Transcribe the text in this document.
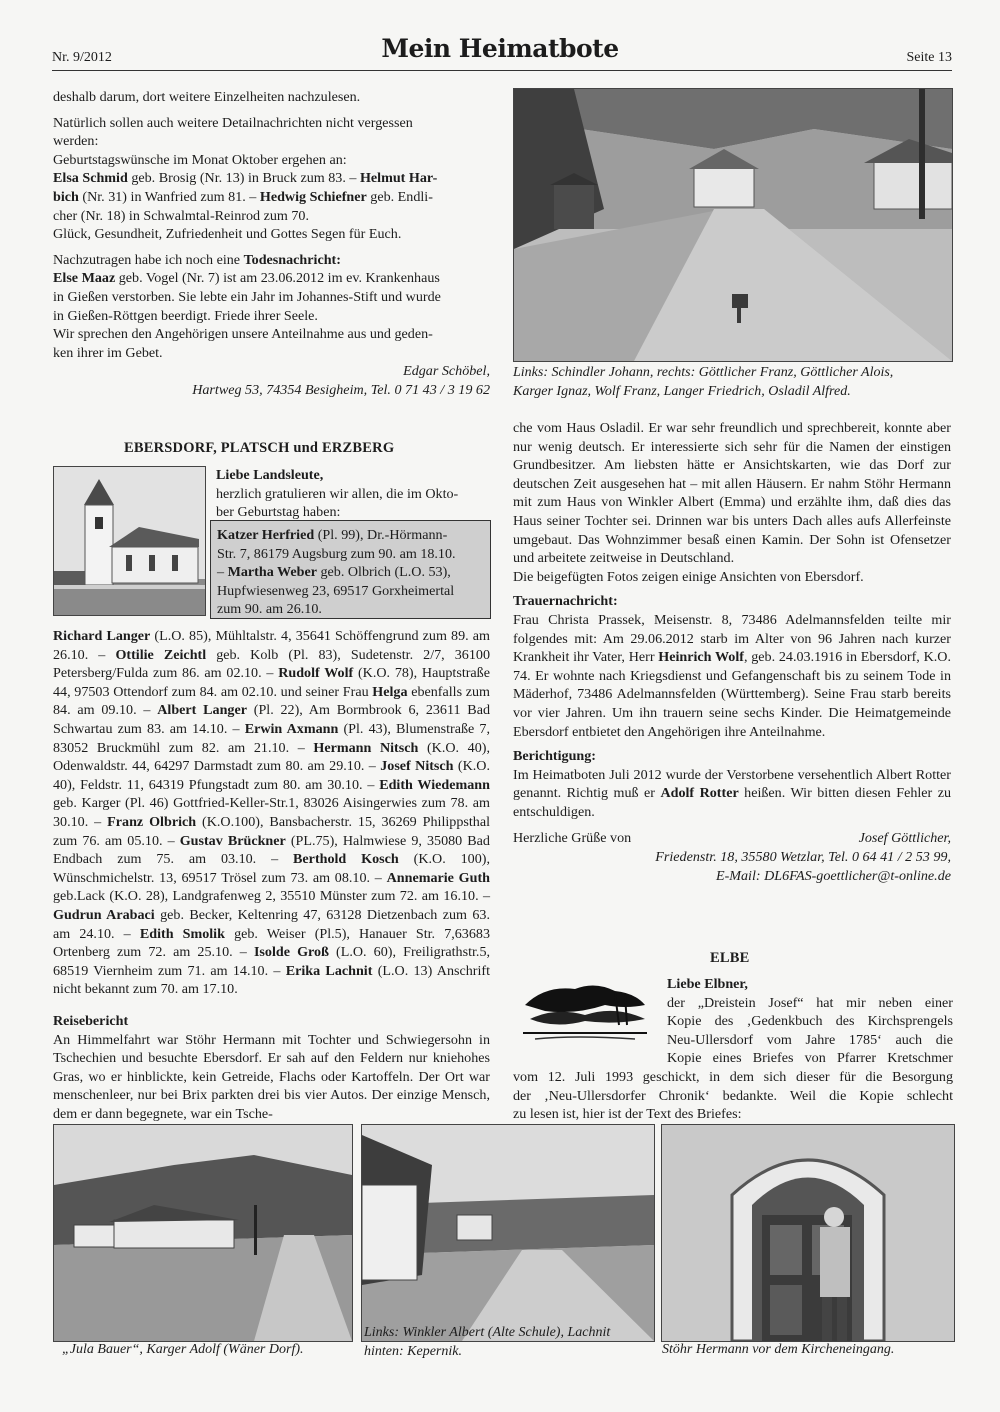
Nr. 9/2012	Mein Heimatbote	Seite 13

deshalb darum, dort weitere Einzelheiten nachzulesen.

Natürlich sollen auch weitere Detailnachrichten nicht vergessen

werden:

Geburtstagswünsche im Monat Oktober ergehen an:

Elsa Schmid geb. Brosig (Nr. 13) in Bruck zum 83. – Helmut Har-

bich (Nr. 31) in Wanfried zum 81. – Hedwig Schiefner geb. Endli-

cher (Nr. 18) in Schwalmtal-Reinrod zum 70.

Glück, Gesundheit, Zufriedenheit und Gottes Segen für Euch.

Nachzutragen habe ich noch eine Todesnachricht:

Else Maaz geb. Vogel (Nr. 7) ist am 23.06.2012 im ev. Krankenhaus

in Gießen verstorben. Sie lebte ein Jahr im Johannes-Stift und wurde

in Gießen-Röttgen beerdigt. Friede ihrer Seele.

Wir sprechen den Angehörigen unsere Anteilnahme aus und geden-

ken ihrer im Gebet.

Edgar Schöbel,

Hartweg 53, 74354 Besigheim, Tel. 0 71 43 / 3 19 62

EBERSDORF, PLATSCH und ERZBERG

Liebe Landsleute,

herzlich gratulieren wir allen, die im Okto-

ber Geburtstag haben:

Katzer Herfried (Pl. 99), Dr.-Hörmann-

Str. 7, 86179 Augsburg zum 90. am 18.10.

– Martha Weber geb. Olbrich (L.O. 53),

Hupfwiesenweg 23, 69517 Gorxheimertal

zum 90. am 26.10.

Richard Langer (L.O. 85), Mühltalstr. 4, 35641 Schöffengrund zum 89. am 26.10. – Ottilie Zeichtl geb. Kolb (Pl. 83), Sudetenstr. 2/7, 36100 Petersberg/Fulda zum 86. am 02.10. – Rudolf Wolf (K.O. 78), Hauptstraße 44, 97503 Ottendorf zum 84. am 02.10. und seiner Frau Helga ebenfalls zum 84. am 09.10. – Albert Langer (Pl. 22), Am Bormbrook 6, 23611 Bad Schwartau zum 83. am 14.10. – Erwin Axmann (Pl. 43), Blumenstraße 7, 83052 Bruckmühl zum 82. am 21.10. – Hermann Nitsch (K.O. 40), Odenwaldstr. 44, 64297 Darmstadt zum 80. am 29.10. – Josef Nitsch (K.O. 40), Feldstr. 11, 64319 Pfungstadt zum 80. am 30.10. – Edith Wiedemann geb. Karger (Pl. 46) Gottfried-Keller-Str.1, 83026 Aisingerwies zum 78. am 30.10. – Franz Olbrich (K.O.100), Bansbacherstr. 15, 36269 Philippsthal zum 76. am 05.10. – Gustav Brückner (PL.75), Halmwiese 9, 35080 Bad Endbach zum 75. am 03.10. – Berthold Kosch (K.O. 100), Wünschmichelstr. 13, 69517 Trösel zum 73. am 08.10. – Annemarie Guth geb.Lack (K.O. 28), Landgrafenweg 2, 35510 Münster zum 72. am 16.10. – Gudrun Arabaci geb. Becker, Keltenring 47, 63128 Dietzenbach zum 63. am 24.10. – Edith Smolik geb. Weiser (Pl.5), Hanauer Str. 7,63683 Ortenberg zum 72. am 25.10. – Isolde Groß (L.O. 60), Freiligrathstr.5, 68519 Viernheim zum 71. am 14.10. – Erika Lachnit (L.O. 13) Anschrift nicht bekannt zum 70. am 17.10.

Reisebericht

An Himmelfahrt war Stöhr Hermann mit Tochter und Schwiegersohn in Tschechien und besuchte Ebersdorf. Er sah auf den Feldern nur kniehohes Gras, wo er hinblickte, kein Getreide, Flachs oder Kartoffeln. Der Ort war menschenleer, nur bei Brix parkten drei bis vier Autos. Der einzige Mensch, dem er dann begegnete, war ein Tsche-

Links: Schindler Johann, rechts: Göttlicher Franz, Göttlicher Alois,
Karger Ignaz, Wolf Franz, Langer Friedrich, Osladil Alfred.

che vom Haus Osladil. Er war sehr freundlich und sprechbereit, konnte aber nur wenig deutsch. Er interessierte sich sehr für die Namen der einstigen Grundbesitzer. Am liebsten hätte er Ansichtskarten, wie das Dorf zur deutschen Zeit ausgesehen hat – mit allen Häusern. Er nahm Stöhr Hermann mit zum Haus von Winkler Albert (Emma) und erzählte ihm, daß dies das Haus seiner Tochter sei. Drinnen war bis unters Dach alles aufs Allerfeinste umgebaut. Das Wohnzimmer besaß einen Kamin. Der Sohn ist Ofensetzer und arbeitete zeitweise in Deutschland.

Die beigefügten Fotos zeigen einige Ansichten von Ebersdorf.

Trauernachricht:

Frau Christa Prassek, Meisenstr. 8, 73486 Adelmannsfelden teilte mir folgendes mit: Am 29.06.2012 starb im Alter von 96 Jahren nach kurzer Krankheit ihr Vater, Herr Heinrich Wolf, geb. 24.03.1916 in Ebersdorf, K.O. 74. Er wohnte nach Kriegsdienst und Gefangenschaft bis zu seinem Tode in Mäderhof, 73486 Adelmannsfelden (Württemberg). Seine Frau starb bereits vor vier Jahren. Um ihn trauern seine sechs Kinder. Die Heimatgemeinde Ebersdorf entbietet den Angehörigen ihre Anteilnahme.

Berichtigung:

Im Heimatboten Juli 2012 wurde der Verstorbene versehentlich Albert Rotter genannt. Richtig muß er Adolf Rotter heißen. Wir bitten diesen Fehler zu entschuldigen.

Herzliche Grüße von	Josef Göttlicher,

Friedenstr. 18, 35580 Wetzlar, Tel. 0 64 41 / 2 53 99,

E-Mail: DL6FAS-goettlicher@t-online.de

ELBE

Liebe Elbner,

der „Dreistein Josef“ hat mir neben einer

Kopie des ‚Gedenkbuch des Kirchsprengels

Neu-Ullersdorf vom Jahre 1785‘ auch die

Kopie eines Briefes von Pfarrer Kretschmer

vom 12. Juli 1993 geschickt, in dem sich dieser für die Besorgung

der ‚Neu-Ullersdorfer Chronik‘ bedankte. Weil die Kopie schlecht

zu lesen ist, hier ist der Text des Briefes:

„Jula Bauer“, Karger Adolf (Wäner Dorf).
Links: Winkler Albert (Alte Schule), Lachnit
hinten: Kepernik.	Stöhr Hermann vor dem Kircheneingang.
